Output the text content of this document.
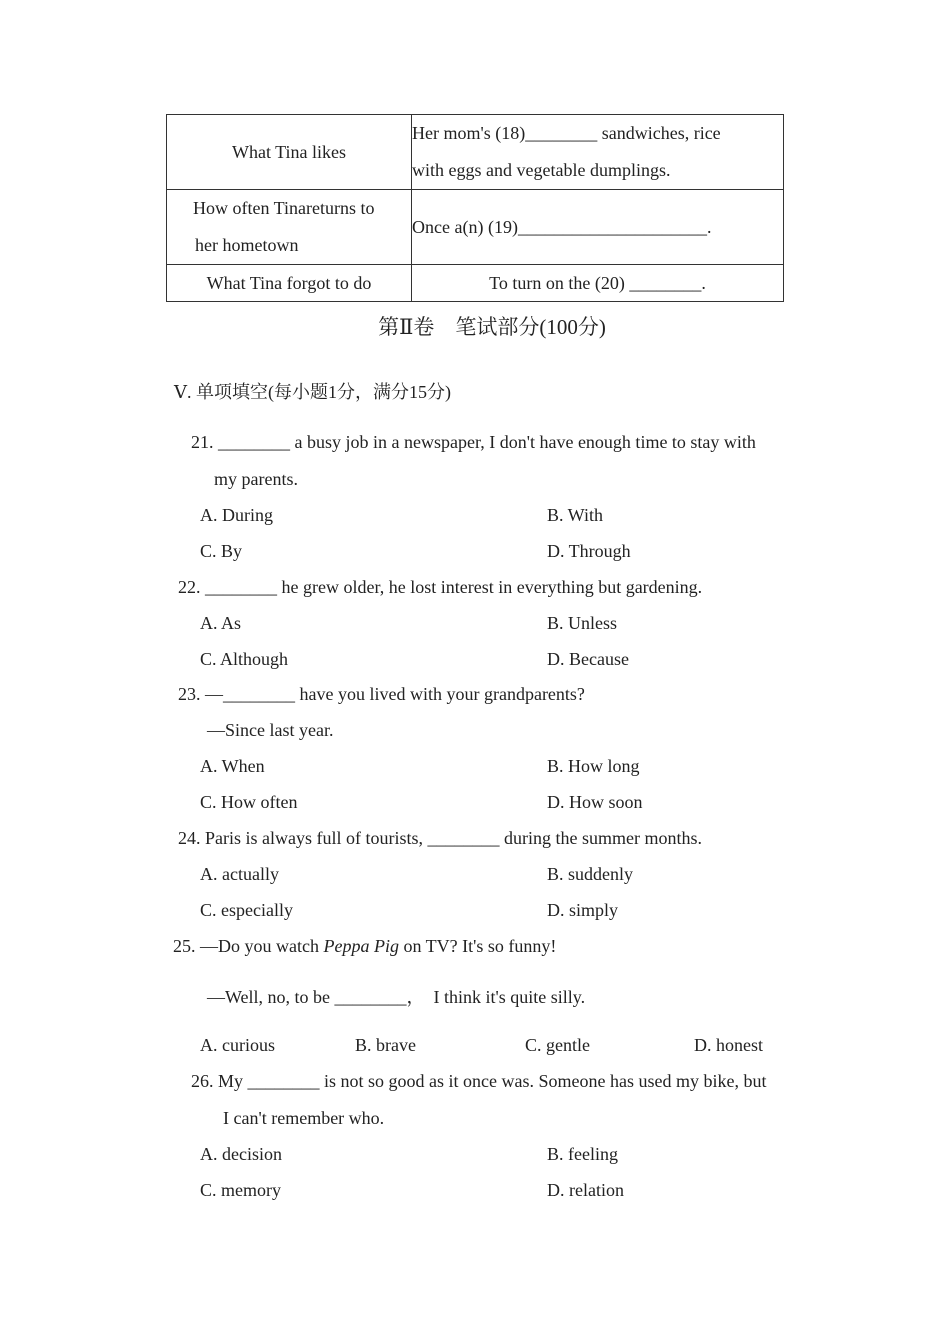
What Tina likes	Her mom's (18)________ sandwiches, rice
with eggs and vegetable dumplings.

How often Tinareturns to
her hometown	Once a(n) (19)_____________________.
What Tina forgot to do	To turn on the (20) ________.
第Ⅱ卷　笔试部分(100分)
Ⅴ. 单项填空(每小题1分，满分15分)
21. ________ a busy job in a newspaper, I don't have enough time to stay with
my parents.
A. During	B. With
C. By	D. Through
22. ________ he grew older, he lost interest in everything but gardening.
A. As	B. Unless
C. Although	D. Because
23. —________ have you lived with your grandparents?
—Since last year.
A. When	B. How long
C. How often	D. How soon
24. Paris is always full of tourists, ________ during the summer months.
A. actually	B. suddenly
C. especially	D. simply
25. —Do you watch Peppa Pig on TV? It's so funny!
—Well, no, to be ________，　I think it's quite silly.
A. curious	B. brave	C. gentle	D. honest
26. My ________ is not so good as it once was. Someone has used my bike, but
I can't remember who.
A. decision	B. feeling
C. memory	D. relation
